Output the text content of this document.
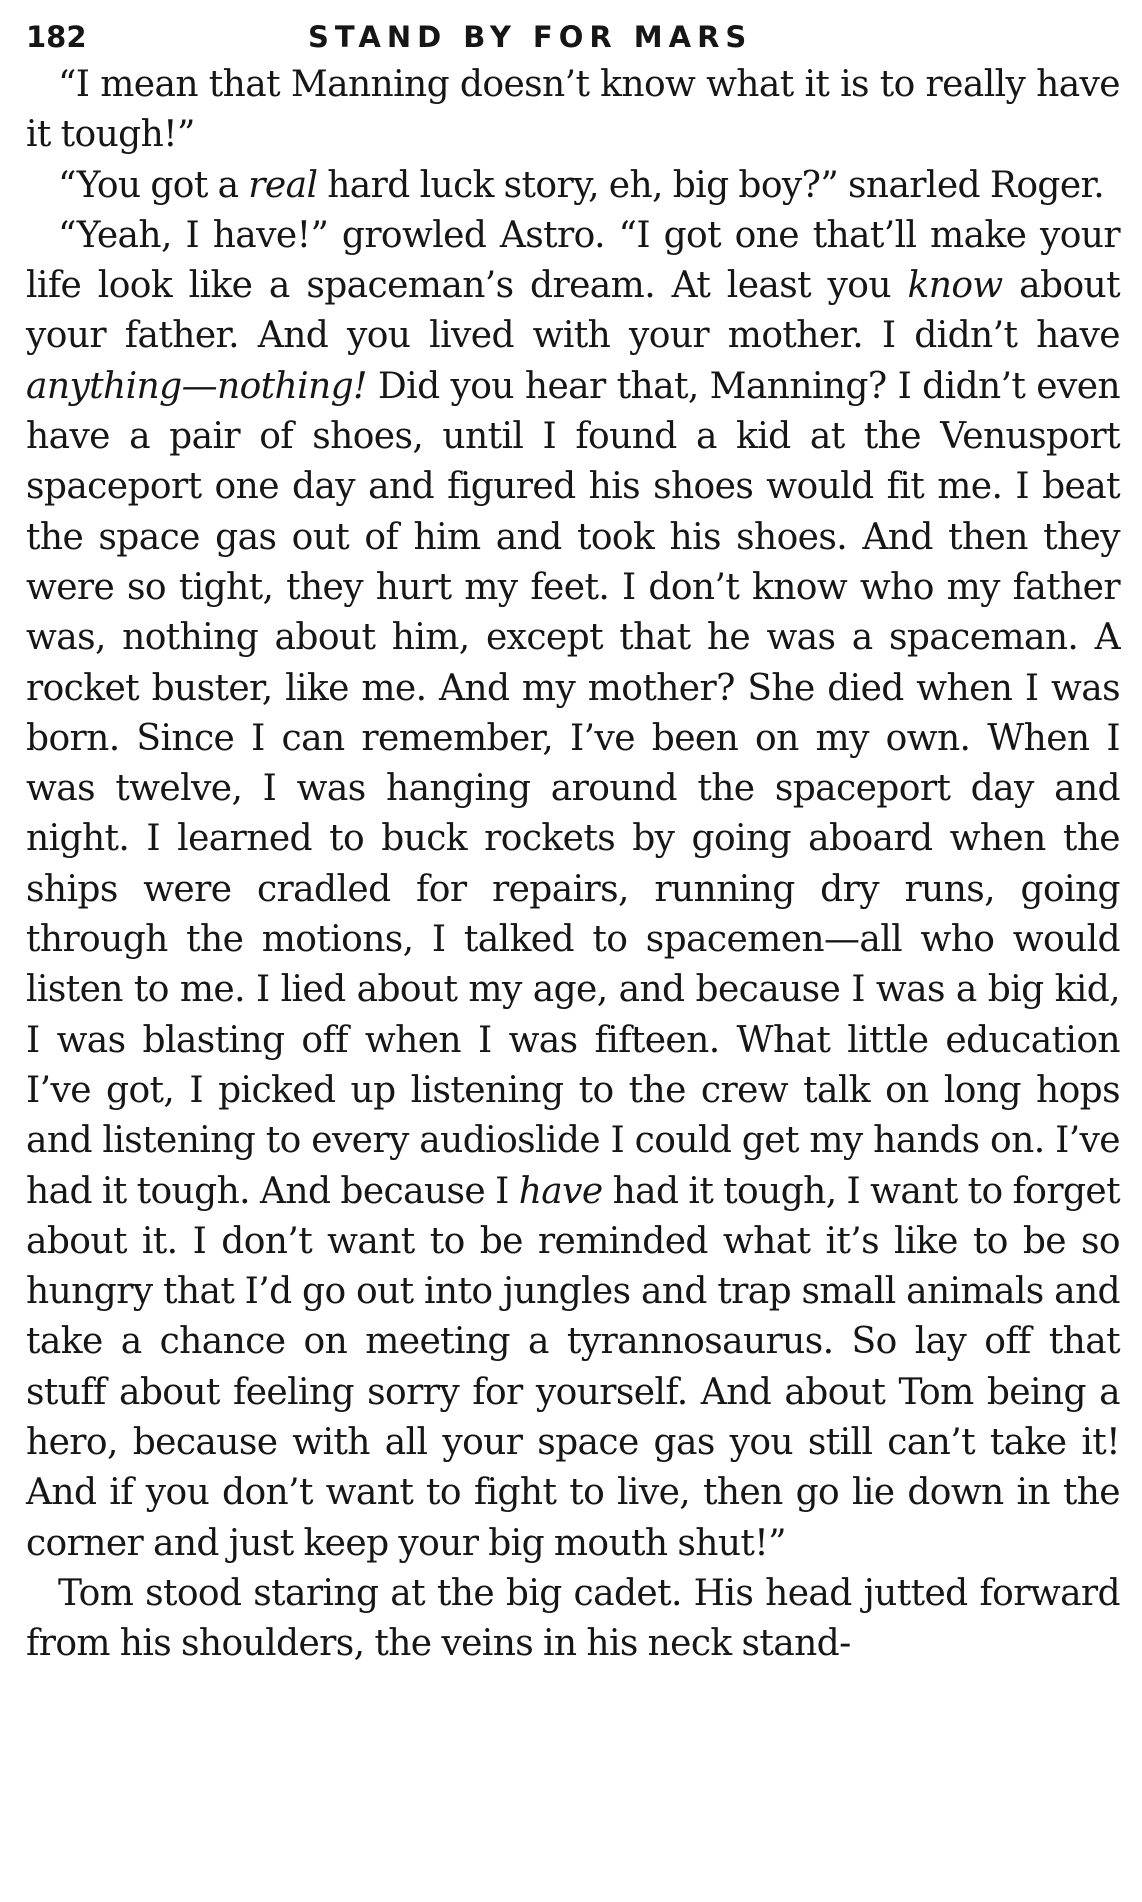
182	STAND BY FOR MARS

“I mean that Manning doesn’t know what it is to really have it tough!”

“You got a real hard luck story, eh, big boy?” snarled Roger.

“Yeah, I have!” growled Astro. “I got one that’ll make your life look like a spaceman’s dream. At least you know about your father. And you lived with your mother. I didn’t have anything—nothing! Did you hear that, Manning? I didn’t even have a pair of shoes, until I found a kid at the Venusport spaceport one day and figured his shoes would fit me. I beat the space gas out of him and took his shoes. And then they were so tight, they hurt my feet. I don’t know who my father was, nothing about him, except that he was a spaceman. A rocket buster, like me. And my mother? She died when I was born. Since I can remember, I’ve been on my own. When I was twelve, I was hanging around the spaceport day and night. I learned to buck rockets by going aboard when the ships were cradled for repairs, running dry runs, going through the motions, I talked to spacemen—all who would listen to me. I lied about my age, and because I was a big kid, I was blasting off when I was fifteen. What little education I’ve got, I picked up listening to the crew talk on long hops and listening to every audioslide I could get my hands on. I’ve had it tough. And because I have had it tough, I want to forget about it. I don’t want to be reminded what it’s like to be so hungry that I’d go out into jungles and trap small animals and take a chance on meeting a tyrannosaurus. So lay off that stuff about feeling sorry for yourself. And about Tom being a hero, because with all your space gas you still can’t take it! And if you don’t want to fight to live, then go lie down in the corner and just keep your big mouth shut!”

Tom stood staring at the big cadet. His head jutted forward from his shoulders, the veins in his neck stand-
